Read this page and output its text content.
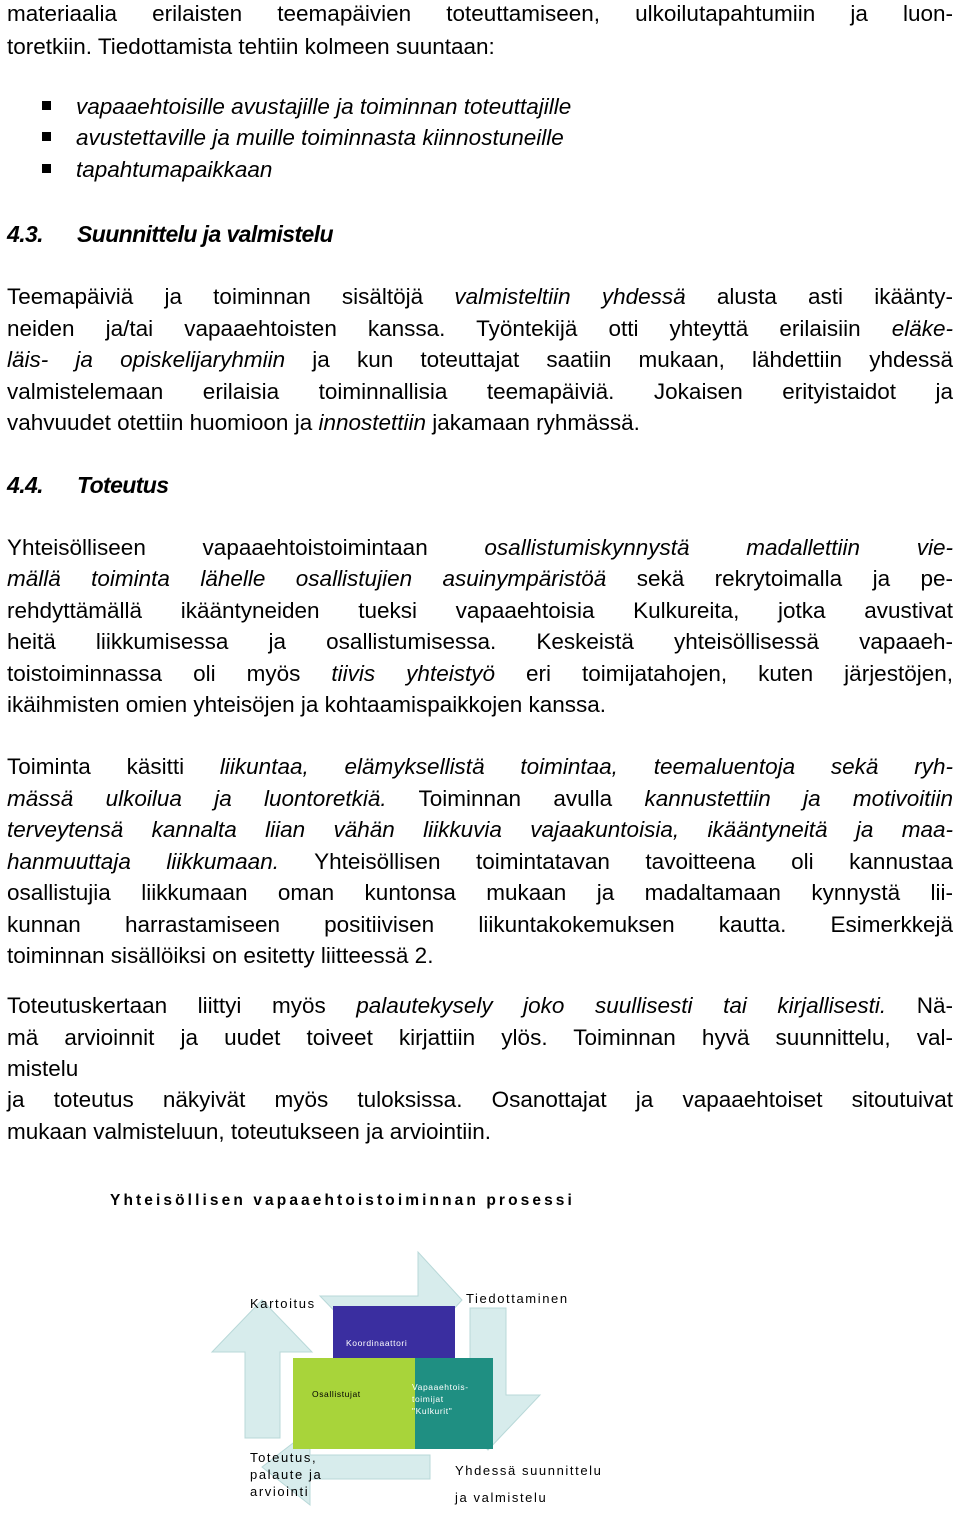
materiaalia erilaisten teemapäivien toteuttamiseen, ulkoilutapahtumiin ja luon-
toretkiin. Tiedottamista tehtiin kolmeen suuntaan:
vapaaehtoisille avustajille ja toiminnan toteuttajille
avustettaville ja muille toiminnasta kiinnostuneille
tapahtumapaikkaan
4.3. Suunnittelu ja valmistelu
Teemapäiviä ja toiminnan sisältöjä valmisteltiin yhdessä alusta asti ikäänty-
neiden ja/tai vapaaehtoisten kanssa. Työntekijä otti yhteyttä erilaisiin eläke-
läis- ja opiskelijaryhmiin ja kun toteuttajat saatiin mukaan, lähdettiin yhdessä
valmistelemaan erilaisia toiminnallisia teemapäiviä. Jokaisen erityistaidot ja
vahvuudet otettiin huomioon ja innostettiin jakamaan ryhmässä.
4.4. Toteutus
Yhteisölliseen vapaaehtoistoimintaan osallistumiskynnystä madallettiin vie-
mällä toiminta lähelle osallistujien asuinympäristöä sekä rekrytoimalla ja pe-
rehdyttämällä ikääntyneiden tueksi vapaaehtoisia Kulkureita, jotka avustivat
heitä liikkumisessa ja osallistumisessa. Keskeistä yhteisöllisessä vapaaeh-
toistoiminnassa oli myös tiivis yhteistyö eri toimijatahojen, kuten järjestöjen,
ikäihmisten omien yhteisöjen ja kohtaamispaikkojen kanssa.
Toiminta käsitti liikuntaa, elämyksellistä toimintaa, teemaluentoja sekä ryh-
mässä ulkoilua ja luontoretkiä. Toiminnan avulla kannustettiin ja motivoitiin
terveytensä kannalta liian vähän liikkuvia vajaakuntoisia, ikääntyneitä ja maa-
hanmuuttaja liikkumaan. Yhteisöllisen toimintatavan tavoitteena oli kannustaa
osallistujia liikkumaan oman kuntonsa mukaan ja madaltamaan kynnystä lii-
kunnan harrastamiseen positiivisen liikuntakokemuksen kautta. Esimerkkejä
toiminnan sisällöiksi on esitetty liitteessä 2.
Toteutuskertaan liittyi myös palautekysely joko suullisesti tai kirjallisesti. Nä-
mä arvioinnit ja uudet toiveet kirjattiin ylös. Toiminnan hyvä suunnittelu, val-
mistelu
ja toteutus näkyivät myös tuloksissa. Osanottajat ja vapaaehtoiset sitoutuivat
mukaan valmisteluun, toteutukseen ja arviointiin.
Yhteisöllisen vapaaehtoistoiminnan prosessi
Kartoitus	Tiedottaminen
Koordinaattori
Osallistujat
Vapaaehtois-
toimijat
"Kulkurit"
Toteutus,
palaute ja
arviointi
Yhdessä suunnittelu
ja valmistelu
